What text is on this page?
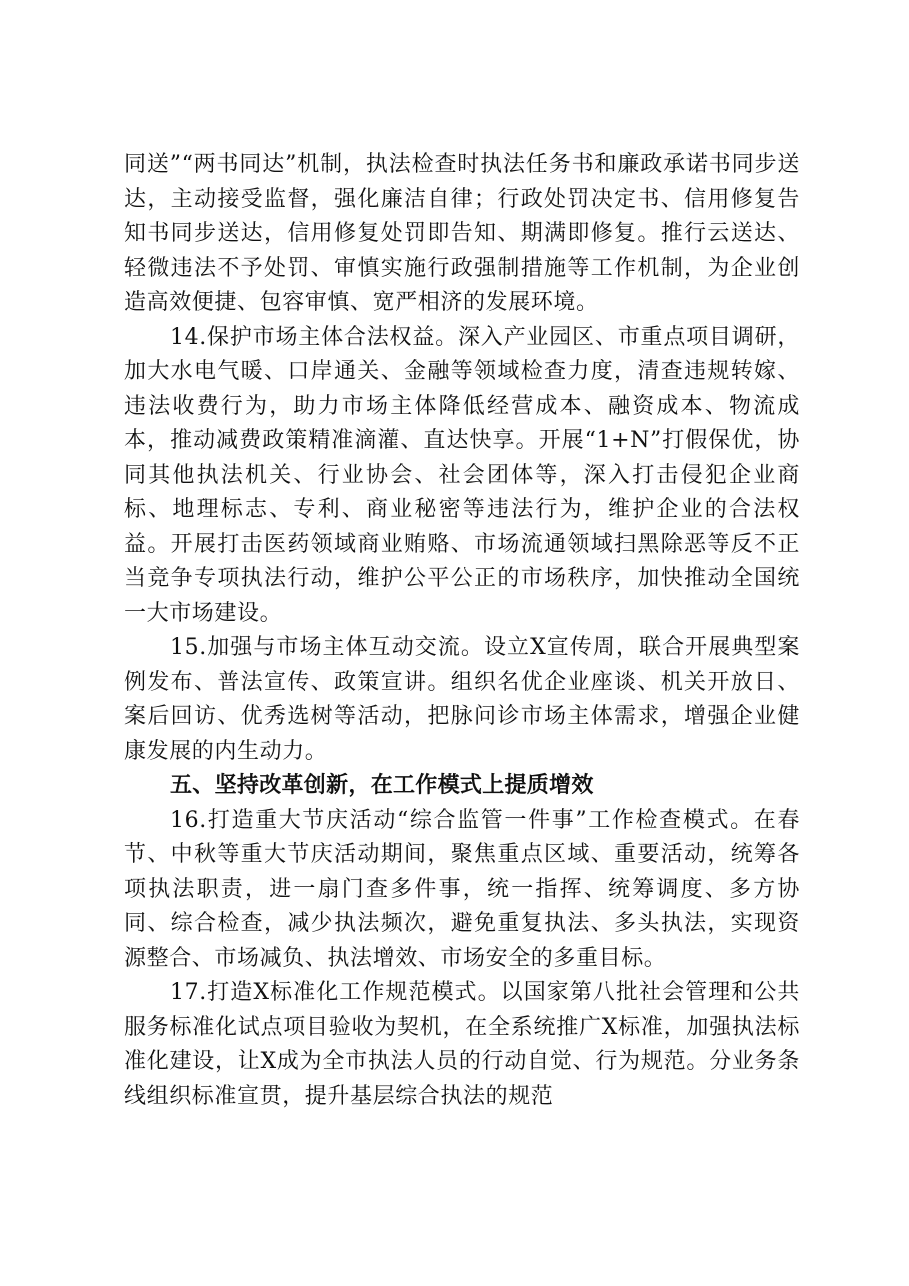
同送”“两书同达”机制，执法检查时执法任务书和廉政承诺书同步送达，主动接受监督，强化廉洁自律；行政处罚决定书、信用修复告知书同步送达，信用修复处罚即告知、期满即修复。推行云送达、轻微违法不予处罚、审慎实施行政强制措施等工作机制，为企业创造高效便捷、包容审慎、宽严相济的发展环境。

14.保护市场主体合法权益。深入产业园区、市重点项目调研，加大水电气暖、口岸通关、金融等领域检查力度，清查违规转嫁、违法收费行为，助力市场主体降低经营成本、融资成本、物流成本，推动减费政策精准滴灌、直达快享。开展“1+N”打假保优，协同其他执法机关、行业协会、社会团体等，深入打击侵犯企业商标、地理标志、专利、商业秘密等违法行为，维护企业的合法权益。开展打击医药领域商业贿赂、市场流通领域扫黑除恶等反不正当竞争专项执法行动，维护公平公正的市场秩序，加快推动全国统一大市场建设。

15.加强与市场主体互动交流。设立X宣传周，联合开展典型案例发布、普法宣传、政策宣讲。组织名优企业座谈、机关开放日、案后回访、优秀选树等活动，把脉问诊市场主体需求，增强企业健康发展的内生动力。

五、坚持改革创新，在工作模式上提质增效

16.打造重大节庆活动“综合监管一件事”工作检查模式。在春节、中秋等重大节庆活动期间，聚焦重点区域、重要活动，统筹各项执法职责，进一扇门查多件事，统一指挥、统筹调度、多方协同、综合检查，减少执法频次，避免重复执法、多头执法，实现资源整合、市场减负、执法增效、市场安全的多重目标。

17.打造X标准化工作规范模式。以国家第八批社会管理和公共服务标准化试点项目验收为契机，在全系统推广X标准，加强执法标准化建设，让X成为全市执法人员的行动自觉、行为规范。分业务条线组织标准宣贯，提升基层综合执法的规范
